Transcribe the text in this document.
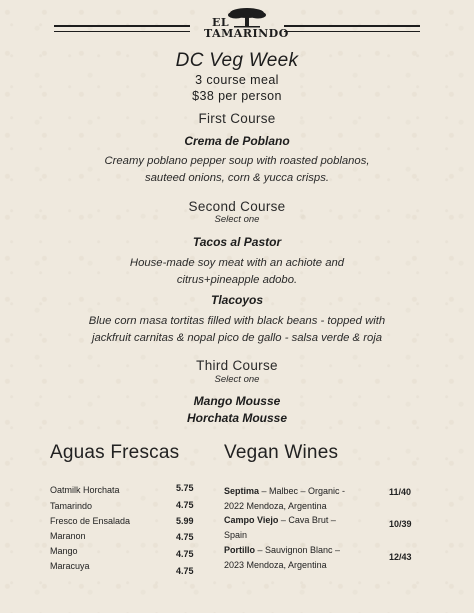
EL
TAMARINDO
DC Veg Week
3 course meal
$38 per person
First Course
Crema de Poblano
Creamy poblano pepper soup with roasted poblanos,
sauteed onions, corn & yucca crisps.
Second Course
Select one
Tacos al Pastor
House-made soy meat with an achiote and
citrus+pineapple adobo.
Tlacoyos
Blue corn masa tortitas filled with black beans - topped with
jackfruit carnitas & nopal pico de gallo - salsa verde & roja
Third Course
Select one
Mango Mousse
Horchata Mousse
Aguas Frescas
Oatmilk Horchata	5.75
Tamarindo	4.75
Fresco de Ensalada	5.99
Maranon	4.75
Mango	4.75
Maracuya	4.75
Vegan Wines
Septima – Malbec – Organic -
2022 Mendoza, Argentina
11/40
Campo Viejo – Cava Brut –
Spain
10/39
Portillo – Sauvignon Blanc –
2023 Mendoza, Argentina
12/43
